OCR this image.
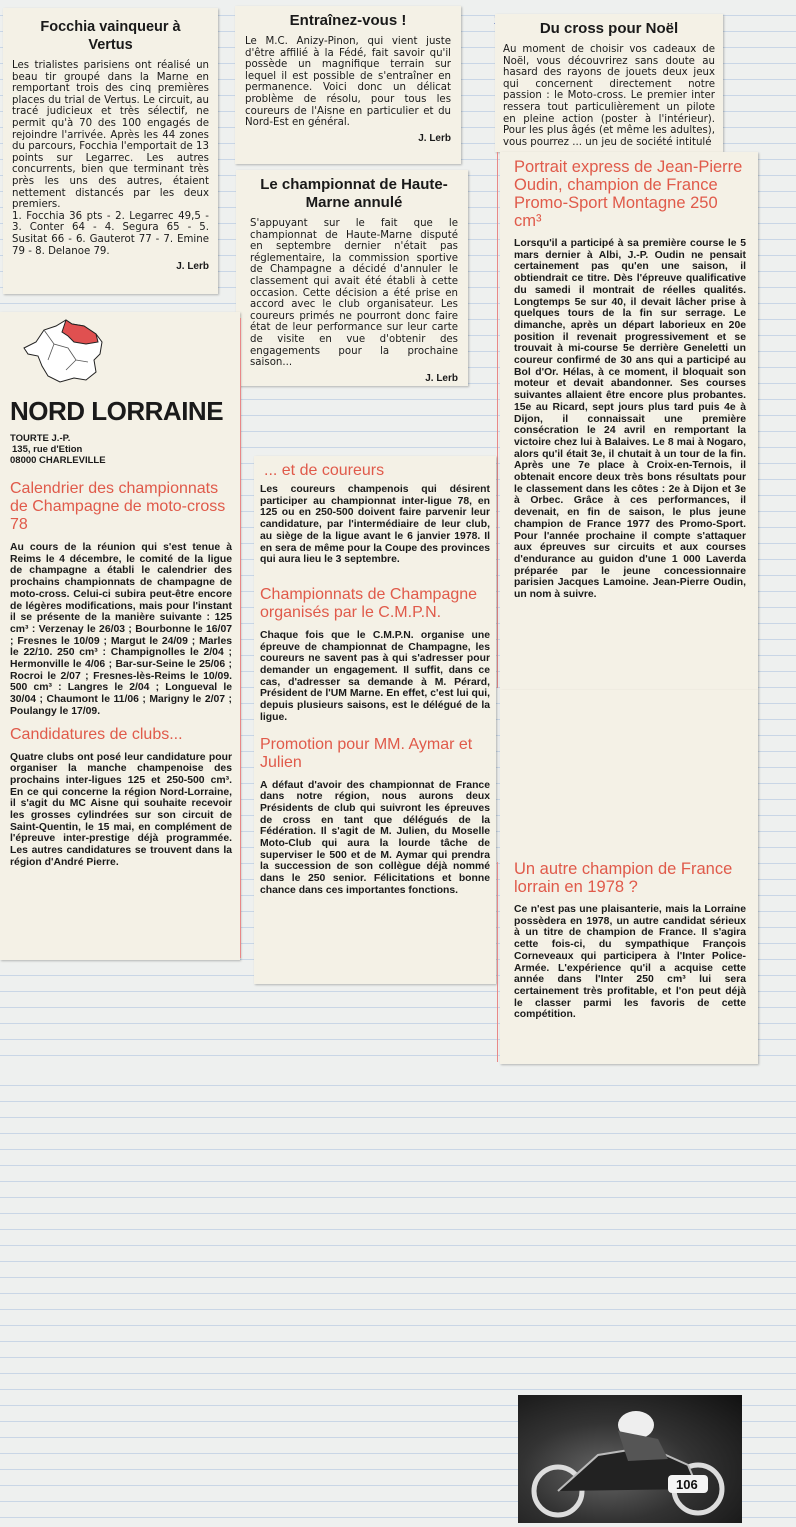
Focchia vainqueur à Vertus

Les trialistes parisiens ont réalisé un beau tir groupé dans la Marne en remportant trois des cinq premières places du trial de Vertus. Le circuit, au tracé judicieux et très sélectif, ne permit qu'à 70 des 100 engagés de rejoindre l'arrivée. Après les 44 zones du parcours, Focchia l'emportait de 13 points sur Legarrec. Les autres concurrents, bien que terminant très près les uns des autres, étaient nettement distancés par les deux premiers.

1. Focchia 36 pts - 2. Legarrec 49,5 - 3. Conter 64 - 4. Segura 65 - 5. Susitat 66 - 6. Gauterot 77 - 7. Emine 79 - 8. Delanoe 79.

J. Lerb
Entraînez-vous !

Le M.C. Anizy-Pinon, qui vient juste d'être affilié à la Fédé, fait savoir qu'il possède un magnifique terrain sur lequel il est possible de s'entraîner en permanence. Voici donc un délicat problème de résolu, pour tous les coureurs de l'Aisne en particulier et du Nord-Est en général.

J. Lerb
Du cross pour Noël

Au moment de choisir vos cadeaux de Noël, vous découvrirez sans doute au hasard des rayons de jouets deux jeux qui concernent directement notre passion : le Moto-cross. Le premier inter ressera tout particulièrement un pilote en pleine action (poster à l'intérieur). Pour les plus âgés (et même les adultes), vous pourrez ... un jeu de société intitulé

Le championnat de Haute-Marne annulé

S'appuyant sur le fait que le championnat de Haute-Marne disputé en septembre dernier n'était pas réglementaire, la commission sportive de Champagne a décidé d'annuler le classement qui avait été établi à cette occasion. Cette décision a été prise en accord avec le club organisateur. Les coureurs primés ne pourront donc faire état de leur performance sur leur carte de visite en vue d'obtenir des engagements pour la prochaine saison...

J. Lerb
Portrait express de Jean-Pierre Oudin, champion de France Promo-Sport Montagne 250 cm³

Lorsqu'il a participé à sa première course le 5 mars dernier à Albi, J.-P. Oudin ne pensait certainement pas qu'en une saison, il obtiendrait ce titre. Dès l'épreuve qualificative du samedi il montrait de réelles qualités. Longtemps 5e sur 40, il devait lâcher prise à quelques tours de la fin sur serrage. Le dimanche, après un départ laborieux en 20e position il revenait progressivement et se trouvait à mi-course 5e derrière Geneletti un coureur confirmé de 30 ans qui a participé au Bol d'Or. Hélas, à ce moment, il bloquait son moteur et devait abandonner. Ses courses suivantes allaient être encore plus probantes. 15e au Ricard, sept jours plus tard puis 4e à Dijon, il connaissait une première consécration le 24 avril en remportant la victoire chez lui à Balaives. Le 8 mai à Nogaro, alors qu'il était 3e, il chutait à un tour de la fin. Après une 7e place à Croix-en-Ternois, il obtenait encore deux très bons résultats pour le classement dans les côtes : 2e à Dijon et 3e à Orbec. Grâce à ces performances, il devenait, en fin de saison, le plus jeune champion de France 1977 des Promo-Sport. Pour l'année prochaine il compte s'attaquer aux épreuves sur circuits et aux courses d'endurance au guidon d'une 1 000 Laverda préparée par le jeune concessionnaire parisien Jacques Lamoine. Jean-Pierre Oudin, un nom à suivre.

NORD LORRAINE
TOURTE J.-P.
135, rue d'Etion
08000 CHARLEVILLE
Calendrier des championnats de Champagne de moto-cross 78

Au cours de la réunion qui s'est tenue à Reims le 4 décembre, le comité de la ligue de champagne a établi le calendrier des prochains championnats de champagne de moto-cross. Celui-ci subira peut-être encore de légères modifications, mais pour l'instant il se présente de la manière suivante : 125 cm³ : Verzenay le 26/03 ; Bourbonne le 16/07 ; Fresnes le 10/09 ; Margut le 24/09 ; Marles le 22/10. 250 cm³ : Champignolles le 2/04 ; Hermonville le 4/06 ; Bar-sur-Seine le 25/06 ; Rocroi le 2/07 ; Fresnes-lès-Reims le 10/09. 500 cm³ : Langres le 2/04 ; Longueval le 30/04 ; Chaumont le 11/06 ; Marigny le 2/07 ; Poulangy le 17/09.

Candidatures de clubs...

Quatre clubs ont posé leur candidature pour organiser la manche champenoise des prochains inter-ligues 125 et 250-500 cm³. En ce qui concerne la région Nord-Lorraine, il s'agit du MC Aisne qui souhaite recevoir les grosses cylindrées sur son circuit de Saint-Quentin, le 15 mai, en complément de l'épreuve inter-prestige déjà programmée. Les autres candidatures se trouvent dans la région d'André Pierre.

... et de coureurs

Les coureurs champenois qui désirent participer au championnat inter-ligue 78, en 125 ou en 250-500 doivent faire parvenir leur candidature, par l'intermédiaire de leur club, au siège de la ligue avant le 6 janvier 1978. Il en sera de même pour la Coupe des provinces qui aura lieu le 3 septembre.

Championnats de Champagne organisés par le C.M.P.N.

Chaque fois que le C.M.P.N. organise une épreuve de championnat de Champagne, les coureurs ne savent pas à qui s'adresser pour demander un engagement. Il suffit, dans ce cas, d'adresser sa demande à M. Pérard, Président de l'UM Marne. En effet, c'est lui qui, depuis plusieurs saisons, est le délégué de la ligue.

Promotion pour MM. Aymar et Julien

A défaut d'avoir des championnat de France dans notre région, nous aurons deux Présidents de club qui suivront les épreuves de cross en tant que délégués de la Fédération. Il s'agit de M. Julien, du Moselle Moto-Club qui aura la lourde tâche de superviser le 500 et de M. Aymar qui prendra la succession de son collègue déjà nommé dans le 250 senior. Félicitations et bonne chance dans ces importantes fonctions.

106
Un autre champion de France lorrain en 1978 ?

Ce n'est pas une plaisanterie, mais la Lorraine possèdera en 1978, un autre candidat sérieux à un titre de champion de France. Il s'agira cette fois-ci, du sympathique François Corneveaux qui participera à l'Inter Police-Armée. L'expérience qu'il a acquise cette année dans l'Inter 250 cm³ lui sera certainement très profitable, et l'on peut déjà le classer parmi les favoris de cette compétition.
